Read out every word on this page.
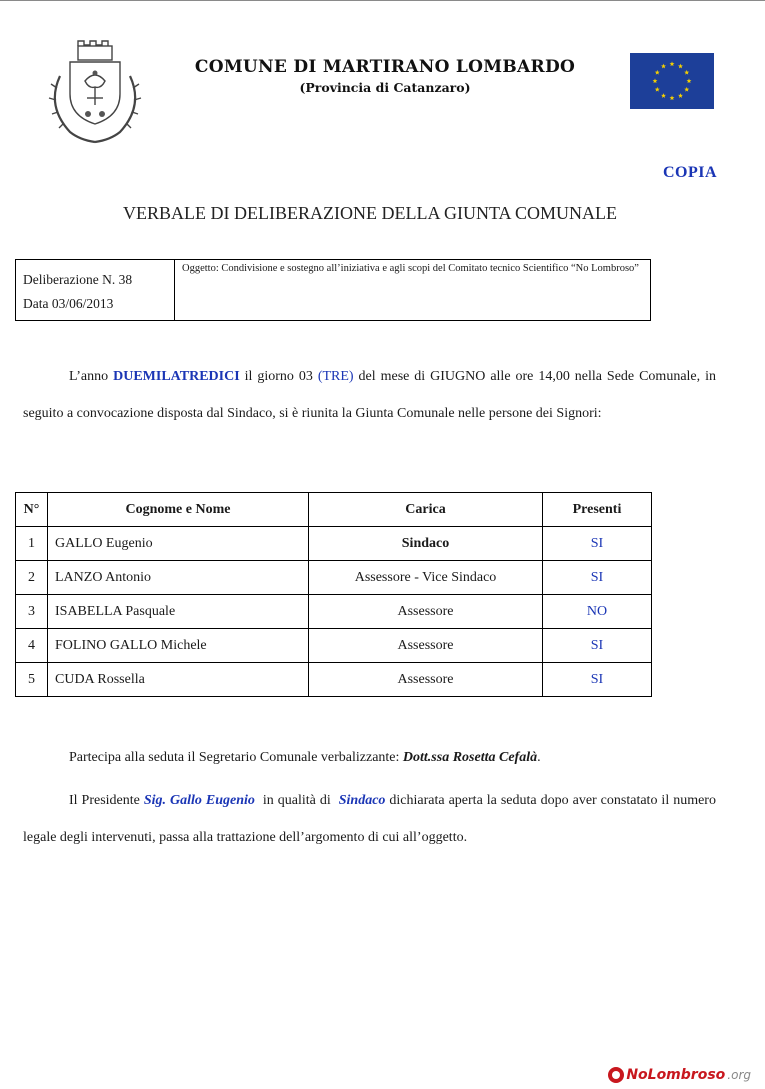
COMUNE DI MARTIRANO LOMBARDO
(Provincia di Catanzaro)
COPIA
VERBALE DI DELIBERAZIONE DELLA GIUNTA COMUNALE
Deliberazione N. 38
Data 03/06/2013
Oggetto: Condivisione e sostegno all’iniziativa e agli scopi del Comitato tecnico Scientifico “No Lombroso”

L’anno DUEMILATREDICI il giorno 03 (TRE) del mese di GIUGNO alle ore 14,00 nella Sede Comunale, in seguito a convocazione disposta dal Sindaco, si è riunita la Giunta Comunale nelle persone dei Signori:

N°	Cognome e Nome	Carica	Presenti
1	GALLO Eugenio	Sindaco	SI
2	LANZO Antonio	Assessore - Vice Sindaco	SI
3	ISABELLA Pasquale	Assessore	NO
4	FOLINO GALLO Michele	Assessore	SI
5	CUDA Rossella	Assessore	SI

Partecipa alla seduta il Segretario Comunale verbalizzante: Dott.ssa Rosetta Cefalà.

Il Presidente Sig. Gallo Eugenio  in qualità di  Sindaco dichiarata aperta la seduta dopo aver constatato il numero legale degli intervenuti, passa alla trattazione dell’argomento di cui all’oggetto.

NoLombroso .org
